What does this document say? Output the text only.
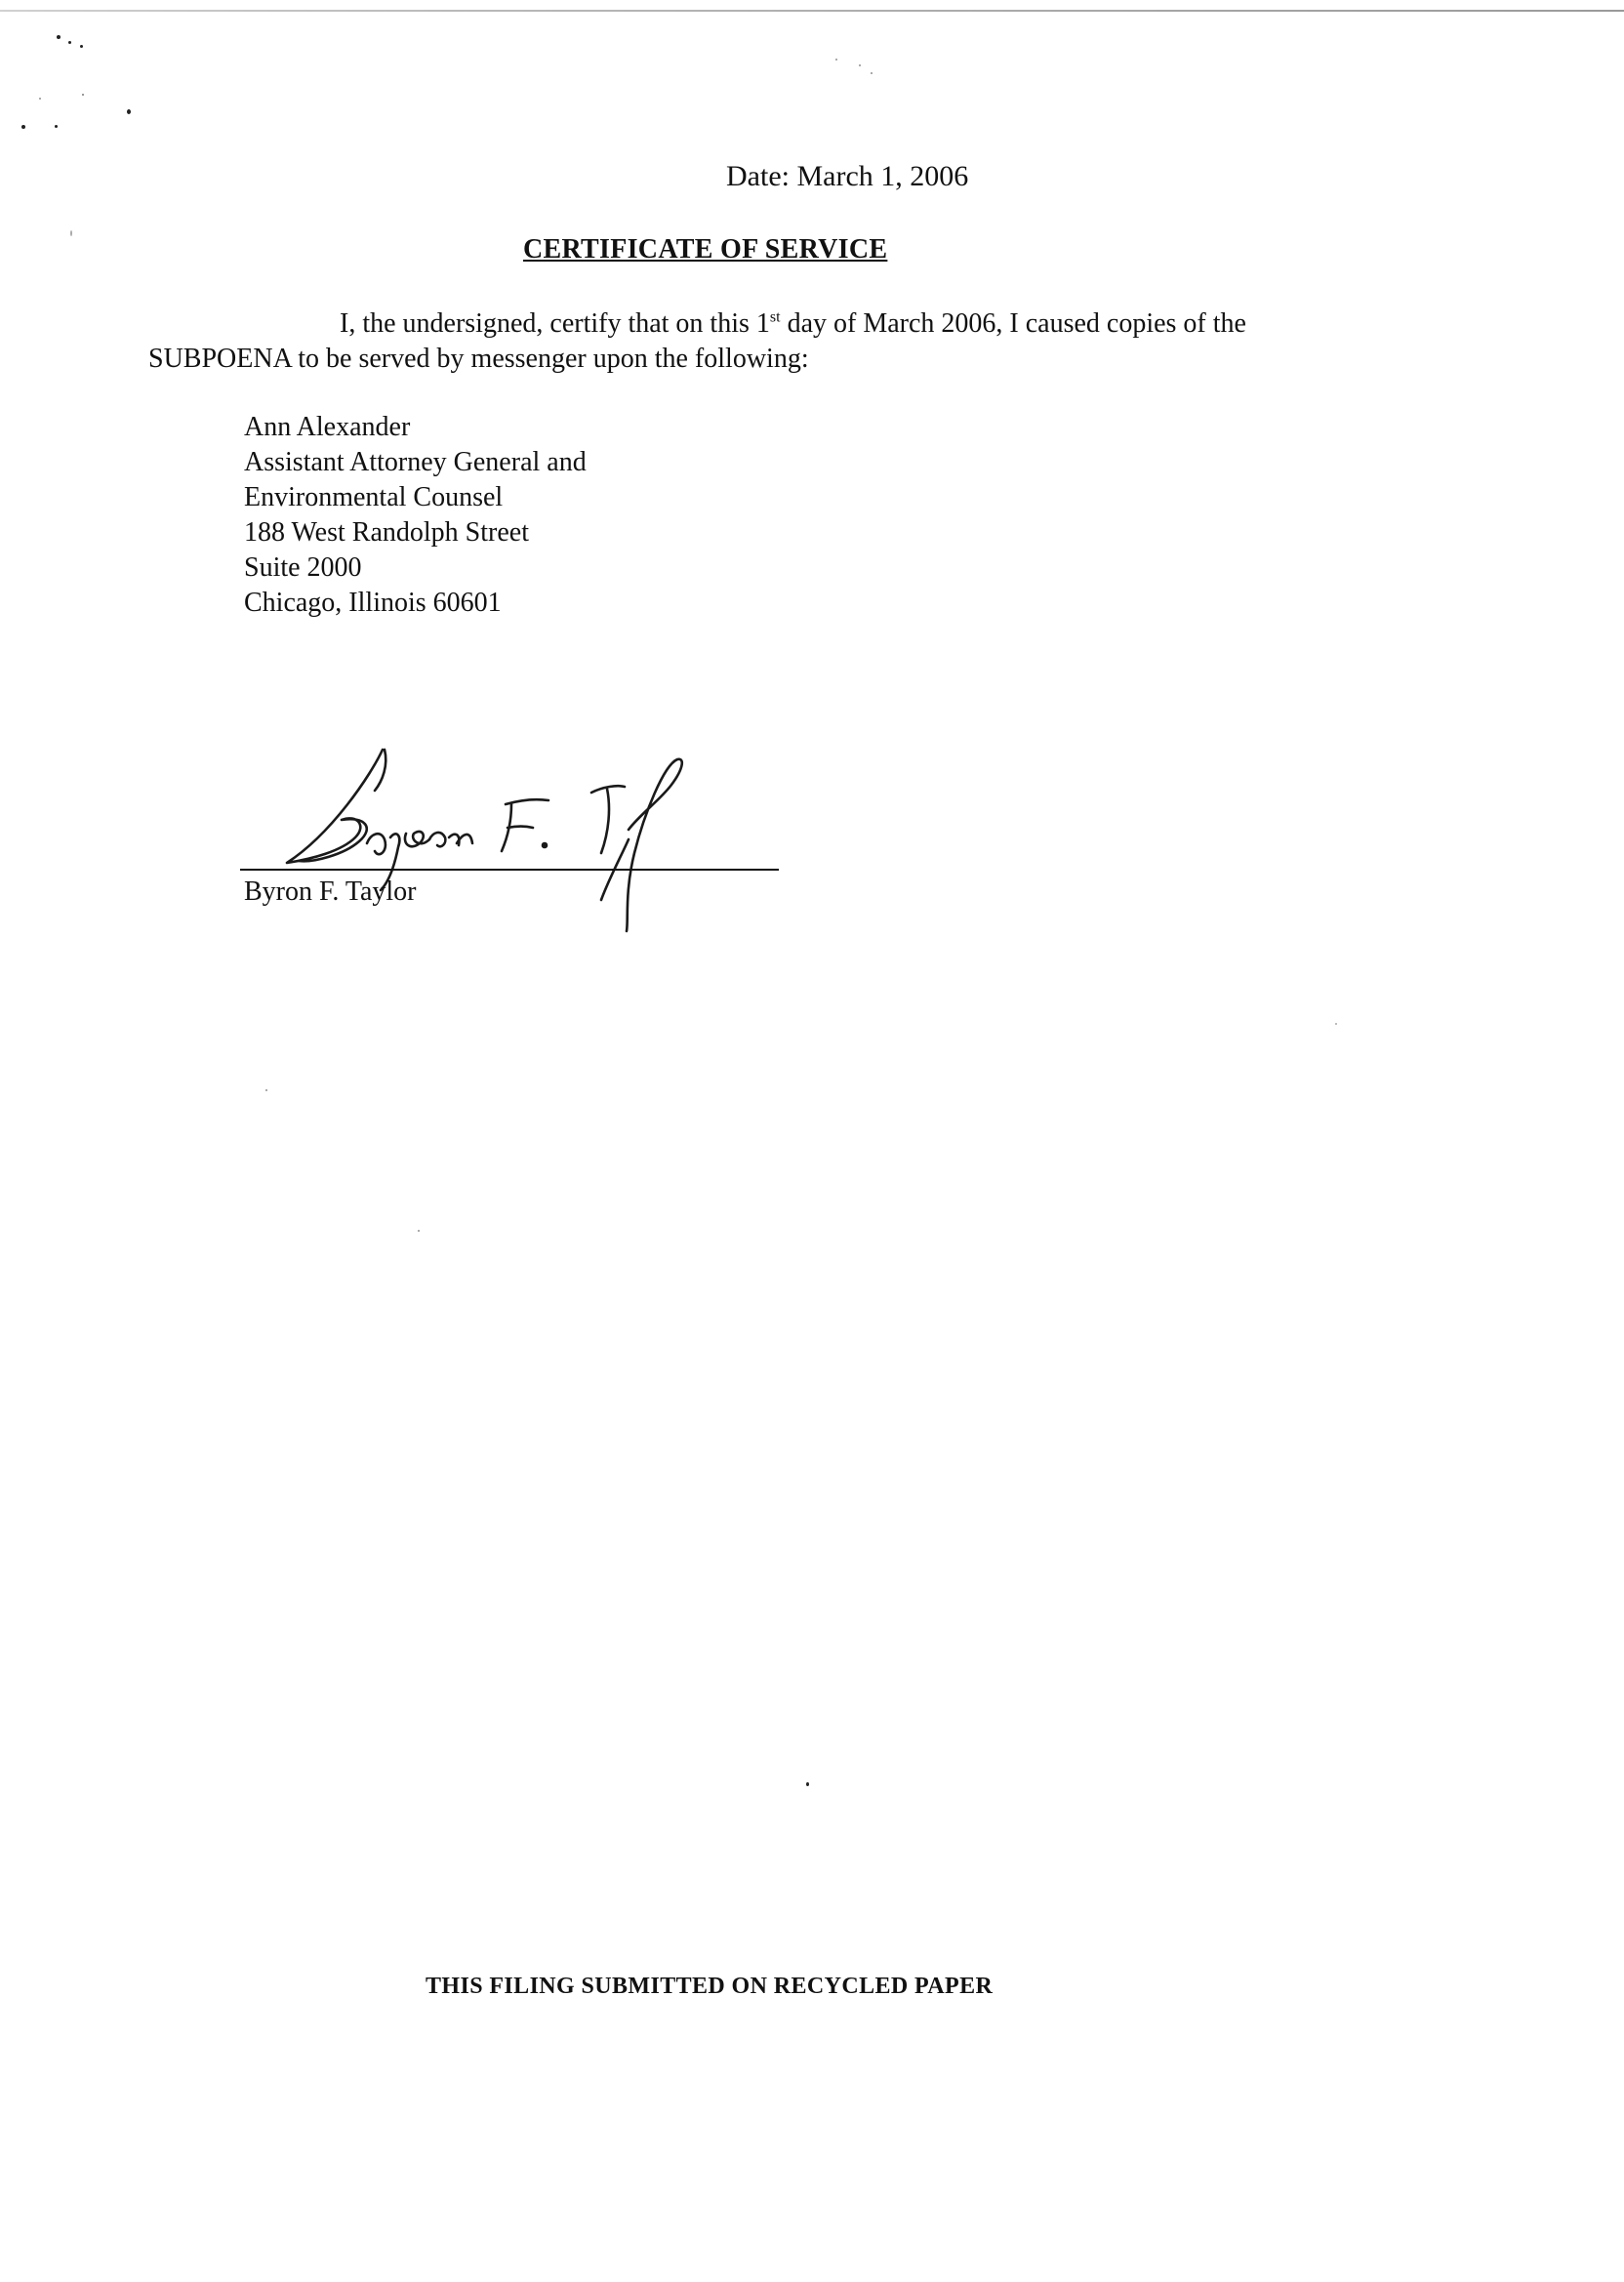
Date: March 1, 2006
CERTIFICATE OF SERVICE
I, the undersigned, certify that on this 1st day of March 2006, I caused copies of the SUBPOENA to be served by messenger upon the following:
Ann Alexander
Assistant Attorney General and
Environmental Counsel
188 West Randolph Street
Suite 2000
Chicago, Illinois 60601
Byron F. Taylor
THIS FILING SUBMITTED ON RECYCLED PAPER
